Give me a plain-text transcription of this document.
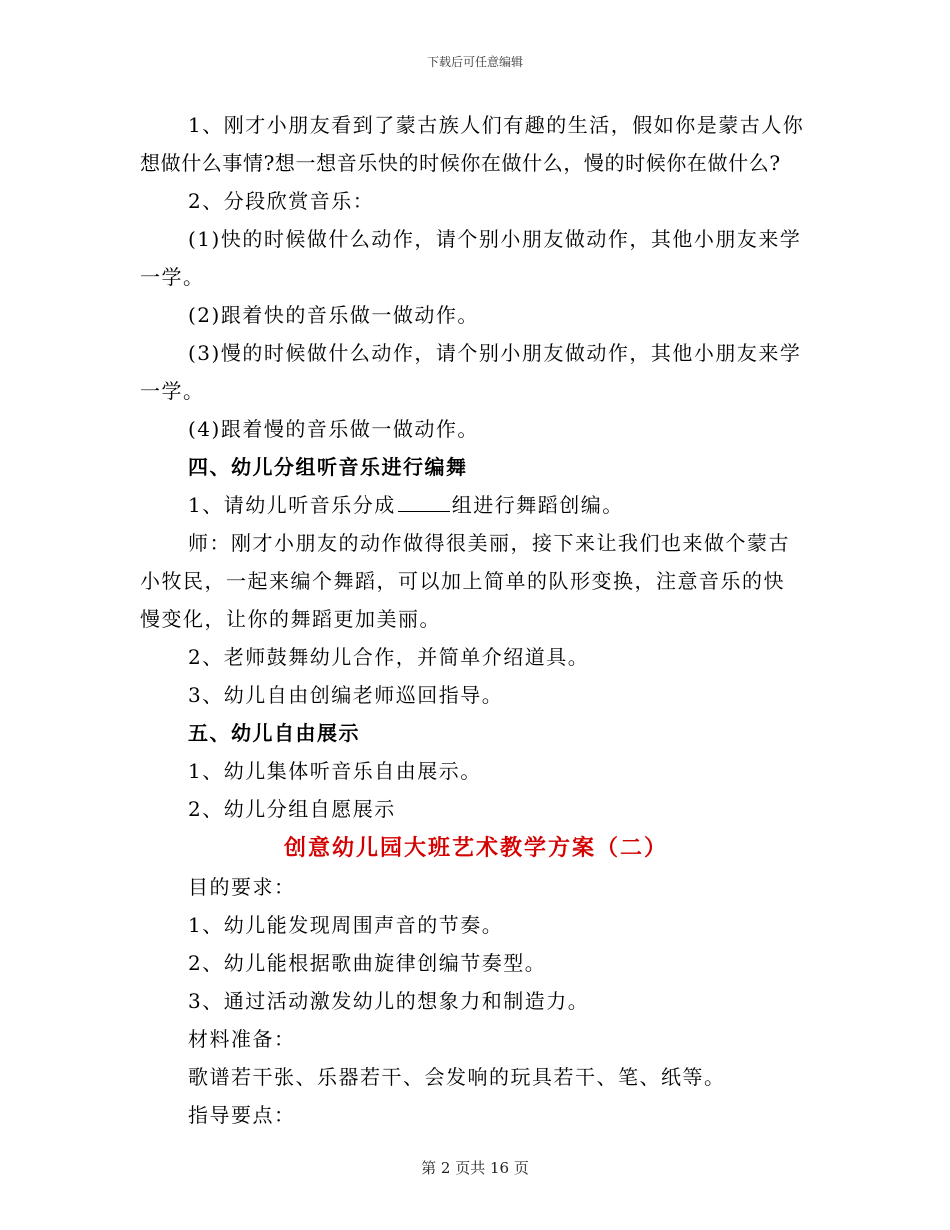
下载后可任意编辑
1、刚才小朋友看到了蒙古族人们有趣的生活，假如你是蒙古人你
想做什么事情?想一想音乐快的时候你在做什么，慢的时候你在做什么?
2、分段欣赏音乐：
(1)快的时候做什么动作，请个别小朋友做动作，其他小朋友来学
一学。
(2)跟着快的音乐做一做动作。
(3)慢的时候做什么动作，请个别小朋友做动作，其他小朋友来学
一学。
(4)跟着慢的音乐做一做动作。
四、幼儿分组听音乐进行编舞
1、请幼儿听音乐分成	组进行舞蹈创编。
师：刚才小朋友的动作做得很美丽，接下来让我们也来做个蒙古
小牧民，一起来编个舞蹈，可以加上简单的队形变换，注意音乐的快
慢变化，让你的舞蹈更加美丽。
2、老师鼓舞幼儿合作，并简单介绍道具。
3、幼儿自由创编老师巡回指导。
五、幼儿自由展示
1、幼儿集体听音乐自由展示。
2、幼儿分组自愿展示
创意幼儿园大班艺术教学方案（二）
目的要求：
1、幼儿能发现周围声音的节奏。
2、幼儿能根据歌曲旋律创编节奏型。
3、通过活动激发幼儿的想象力和制造力。
材料准备：
歌谱若干张、乐器若干、会发响的玩具若干、笔、纸等。
指导要点：
第 2 页共 16 页
